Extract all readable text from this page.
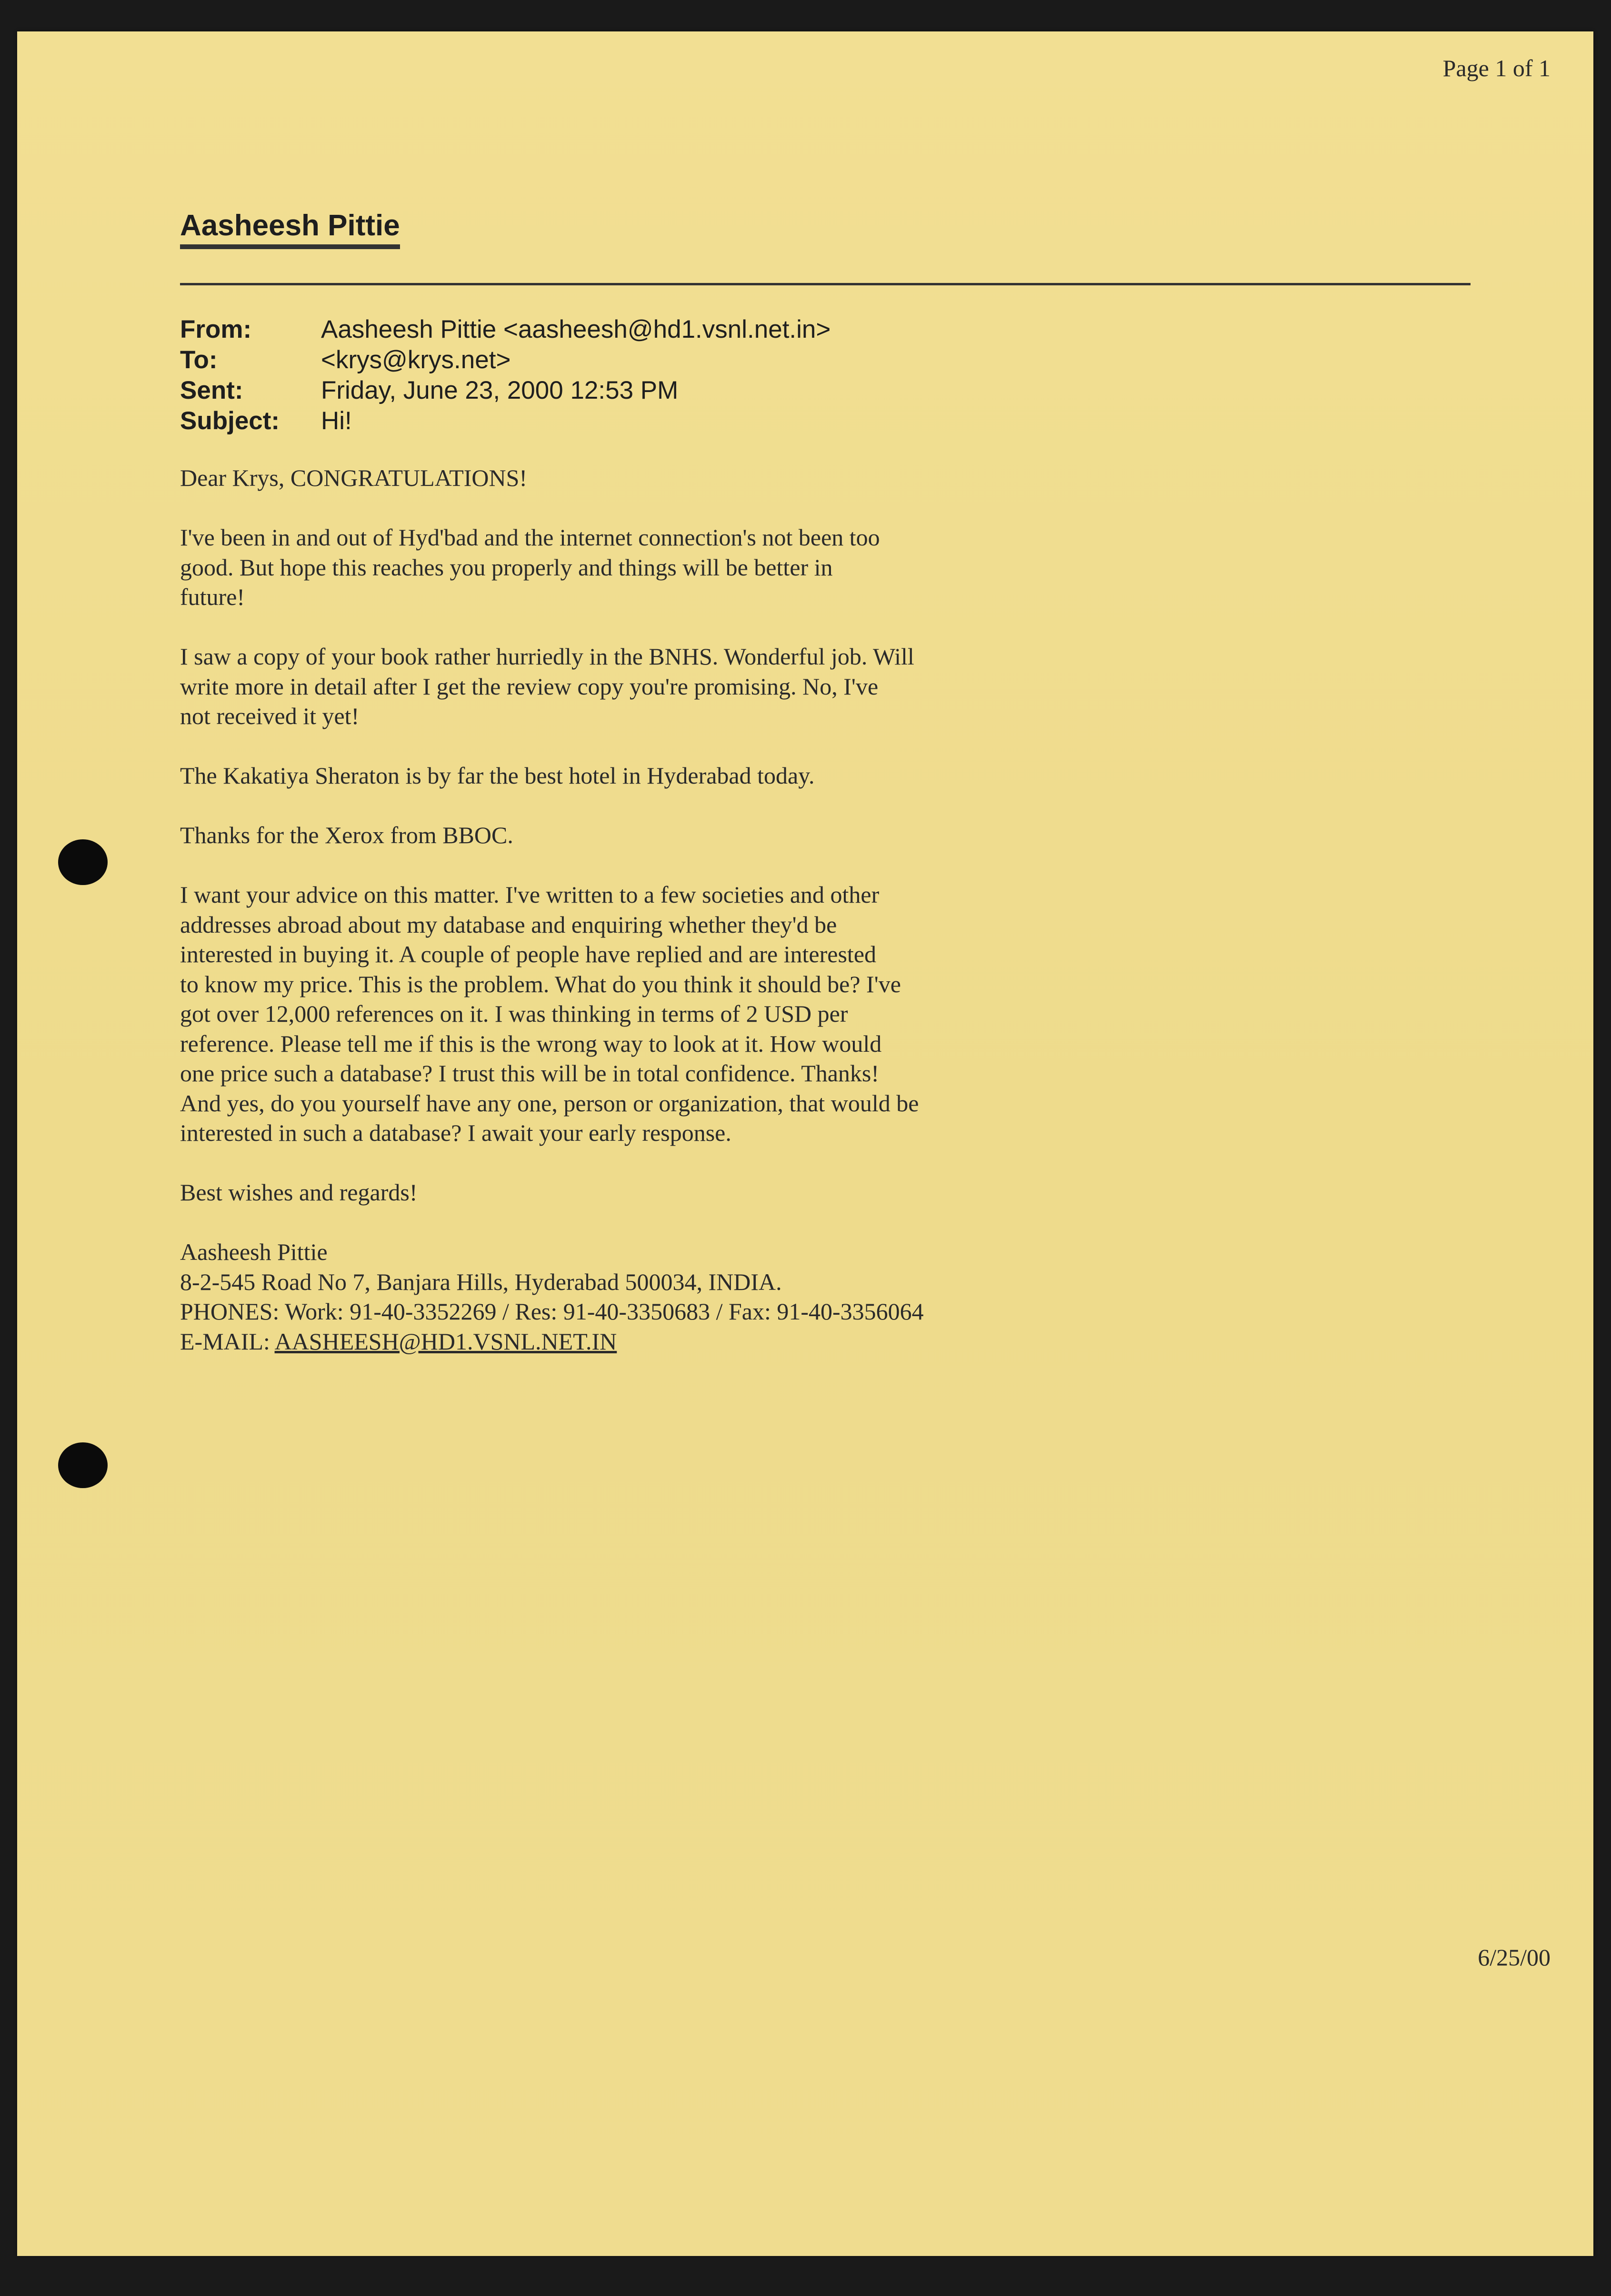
Page 1 of 1
Aasheesh Pittie
From:	Aasheesh Pittie <aasheesh@hd1.vsnl.net.in>
To:	<krys@krys.net>
Sent:	Friday, June 23, 2000 12:53 PM
Subject:	Hi!

Dear Krys, CONGRATULATIONS!

I've been in and out of Hyd'bad and the internet connection's not been too
good. But hope this reaches you properly and things will be better in
future!

I saw a copy of your book rather hurriedly in the BNHS. Wonderful job. Will
write more in detail after I get the review copy you're promising. No, I've
not received it yet!

The Kakatiya Sheraton is by far the best hotel in Hyderabad today.

Thanks for the Xerox from BBOC.

I want your advice on this matter. I've written to a few societies and other
addresses abroad about my database and enquiring whether they'd be
interested in buying it. A couple of people have replied and are interested
to know my price. This is the problem. What do you think it should be? I've
got over 12,000 references on it. I was thinking in terms of 2 USD per
reference. Please tell me if this is the wrong way to look at it. How would
one price such a database? I trust this will be in total confidence. Thanks!
And yes, do you yourself have any one, person or organization, that would be
interested in such a database? I await your early response.

Best wishes and regards!

Aasheesh Pittie

8-2-545 Road No 7, Banjara Hills, Hyderabad 500034, INDIA.

PHONES: Work: 91-40-3352269 / Res: 91-40-3350683 / Fax: 91-40-3356064

E-MAIL: AASHEESH@HD1.VSNL.NET.IN

6/25/00
